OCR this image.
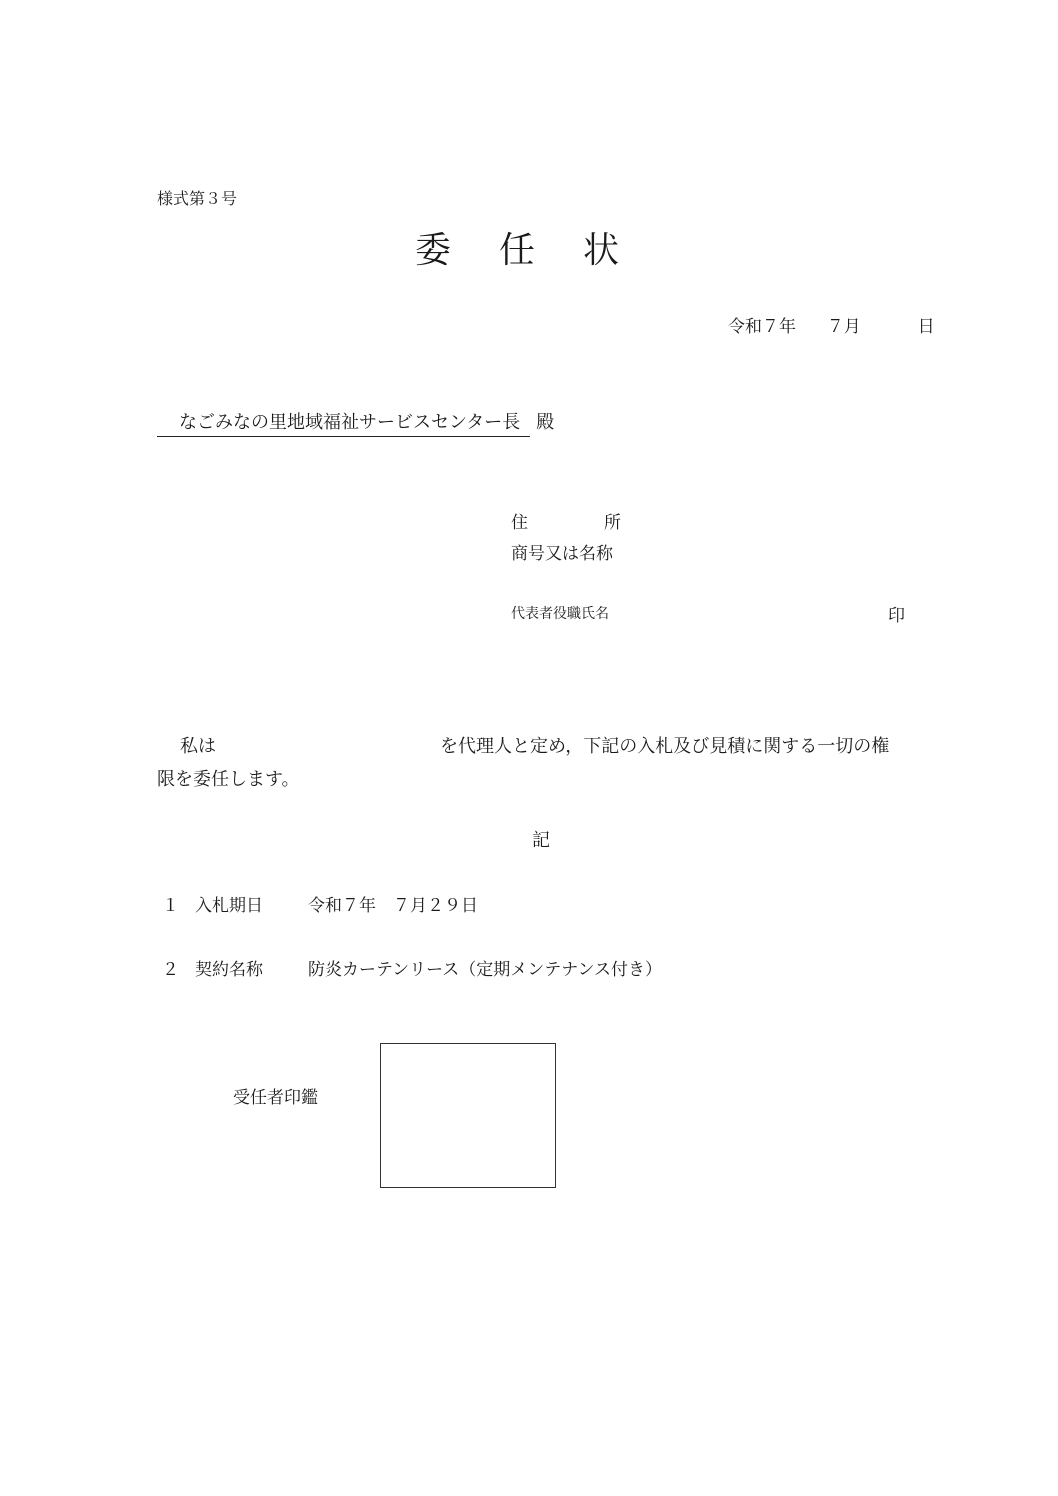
様式第３号
委任状
令和７年 ７月	日
なごみなの里地域福祉サービスセンター長 殿
住	所
商号又は名称
代表者役職氏名	印
私は	を代理人と定め，下記の入札及び見積に関する一切の権
限を委任します。
記
１ 入札期日	令和７年　７月２９日
２ 契約名称	防炎カーテンリース（定期メンテナンス付き）
受任者印鑑
